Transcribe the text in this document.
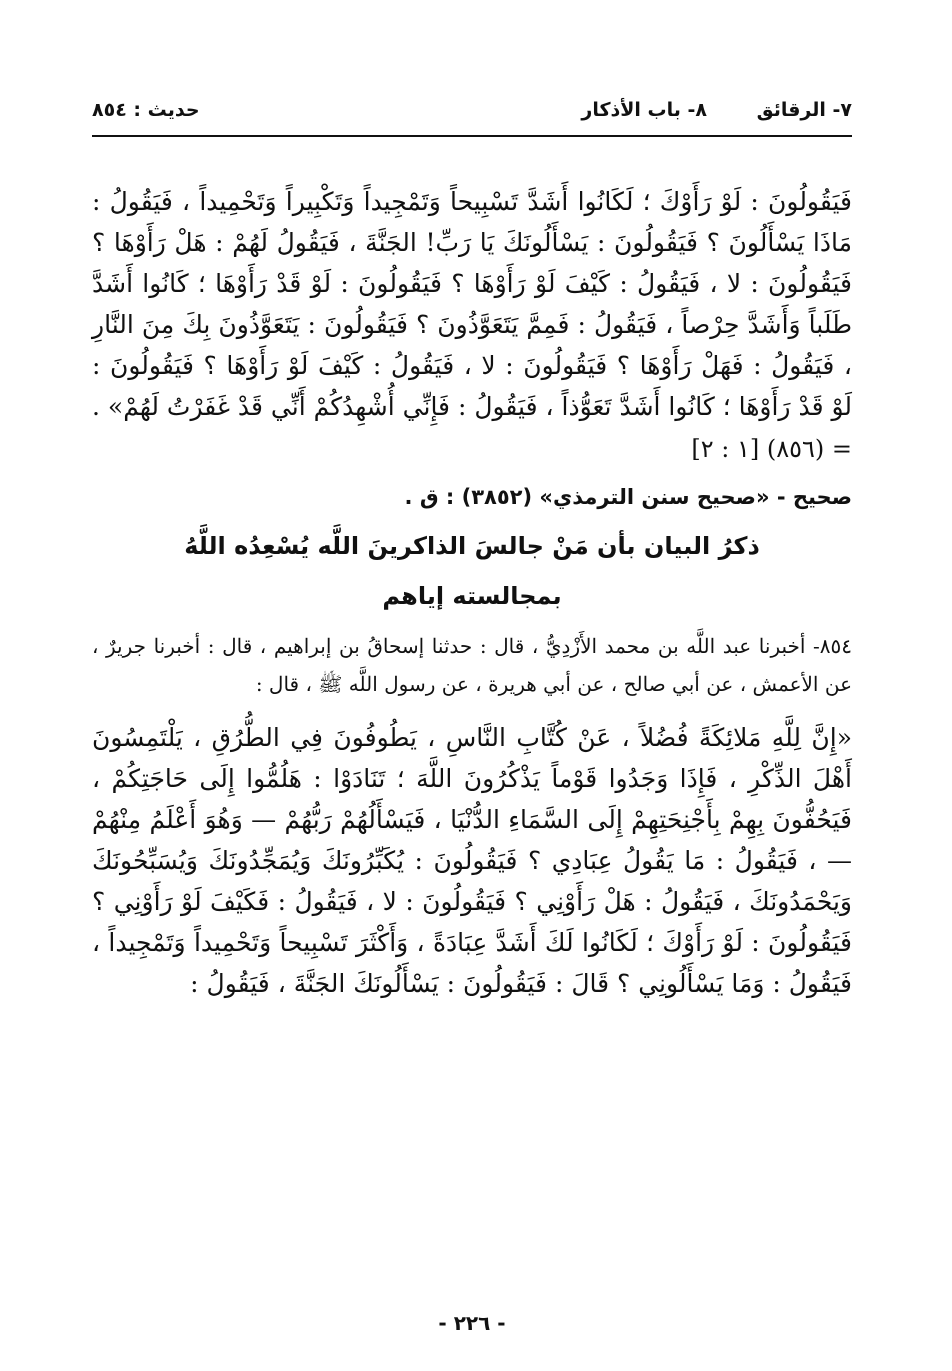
٧- الرقائق
٨- باب الأذكار
حديث : ٨٥٤
فَيَقُولُونَ : لَوْ رَأَوْكَ ؛ لَكَانُوا أَشَدَّ تَسْبِيحاً وَتَمْجِيداً وَتَكْبِيراً وَتَحْمِيداً ، فَيَقُولُ : مَاذَا يَسْأَلُونَ ؟ فَيَقُولُونَ : يَسْأَلُونَكَ يَا رَبِّ! الجَنَّةَ ، فَيَقُولُ لَهُمْ : هَلْ رَأَوْهَا ؟ فَيَقُولُونَ : لا ، فَيَقُولُ : كَيْفَ لَوْ رَأَوْهَا ؟ فَيَقُولُونَ : لَوْ قَدْ رَأَوْهَا ؛ كَانُوا أَشَدَّ طَلَباً وَأَشَدَّ حِرْصاً ، فَيَقُولُ : فَمِمَّ يَتَعَوَّذُونَ ؟ فَيَقُولُونَ : يَتَعَوَّذُونَ بِكَ مِنَ النَّارِ ، فَيَقُولُ : فَهَلْ رَأَوْهَا ؟ فَيَقُولُونَ : لا ، فَيَقُولُ : كَيْفَ لَوْ رَأَوْهَا ؟ فَيَقُولُونَ : لَوْ قَدْ رَأَوْهَا ؛ كَانُوا أَشَدَّ تَعَوُّذاً ، فَيَقُولُ : فَإِنِّي أُشْهِدُكُمْ أَنِّي قَدْ غَفَرْتُ لَهُمْ» .
= (٨٥٦) [١ : ٢]
صحيح - «صحيح سنن الترمذي» (٣٨٥٢) : ق .
ذكرُ البيان بأن مَنْ جالسَ الذاكرينَ اللَّه يُسْعِدُه اللَّهُ
بمجالسته إياهم
٨٥٤- أخبرنا عبد اللَّه بن محمد الأَزْدِيُّ ، قال : حدثنا إسحاقُ بن إبراهيم ، قال : أخبرنا جريرٌ ، عن الأعمش ، عن أبي صالح ، عن أبي هريرة ، عن رسول اللَّه ﷺ ، قال :
«إِنَّ لِلَّهِ مَلائِكَةً فُضُلاً ، عَنْ كُتَّابِ النَّاسِ ، يَطُوفُونَ فِي الطُّرُقِ ، يَلْتَمِسُونَ أَهْلَ الذِّكْرِ ، فَإِذَا وَجَدُوا قَوْماً يَذْكُرُونَ اللَّهَ ؛ تَنَادَوْا : هَلُمُّوا إِلَى حَاجَتِكُمْ ، فَيَحُفُّونَ بِهِمْ بِأَجْنِحَتِهِمْ إِلَى السَّمَاءِ الدُّنْيَا ، فَيَسْأَلُهُمْ رَبُّهُمْ — وَهُوَ أَعْلَمُ مِنْهُمْ — ، فَيَقُولُ : مَا يَقُولُ عِبَادِي ؟ فَيَقُولُونَ : يُكَبِّرُونَكَ وَيُمَجِّدُونَكَ وَيُسَبِّحُونَكَ وَيَحْمَدُونَكَ ، فَيَقُولُ : هَلْ رَأَوْنِي ؟ فَيَقُولُونَ : لا ، فَيَقُولُ : فَكَيْفَ لَوْ رَأَوْنِي ؟ فَيَقُولُونَ : لَوْ رَأَوْكَ ؛ لَكَانُوا لَكَ أَشَدَّ عِبَادَةً ، وَأَكْثَرَ تَسْبِيحاً وَتَحْمِيداً وَتَمْجِيداً ، فَيَقُولُ : وَمَا يَسْأَلُونِي ؟ قَالَ : فَيَقُولُونَ : يَسْأَلُونَكَ الجَنَّةَ ، فَيَقُولُ :
- ٢٢٦ -
